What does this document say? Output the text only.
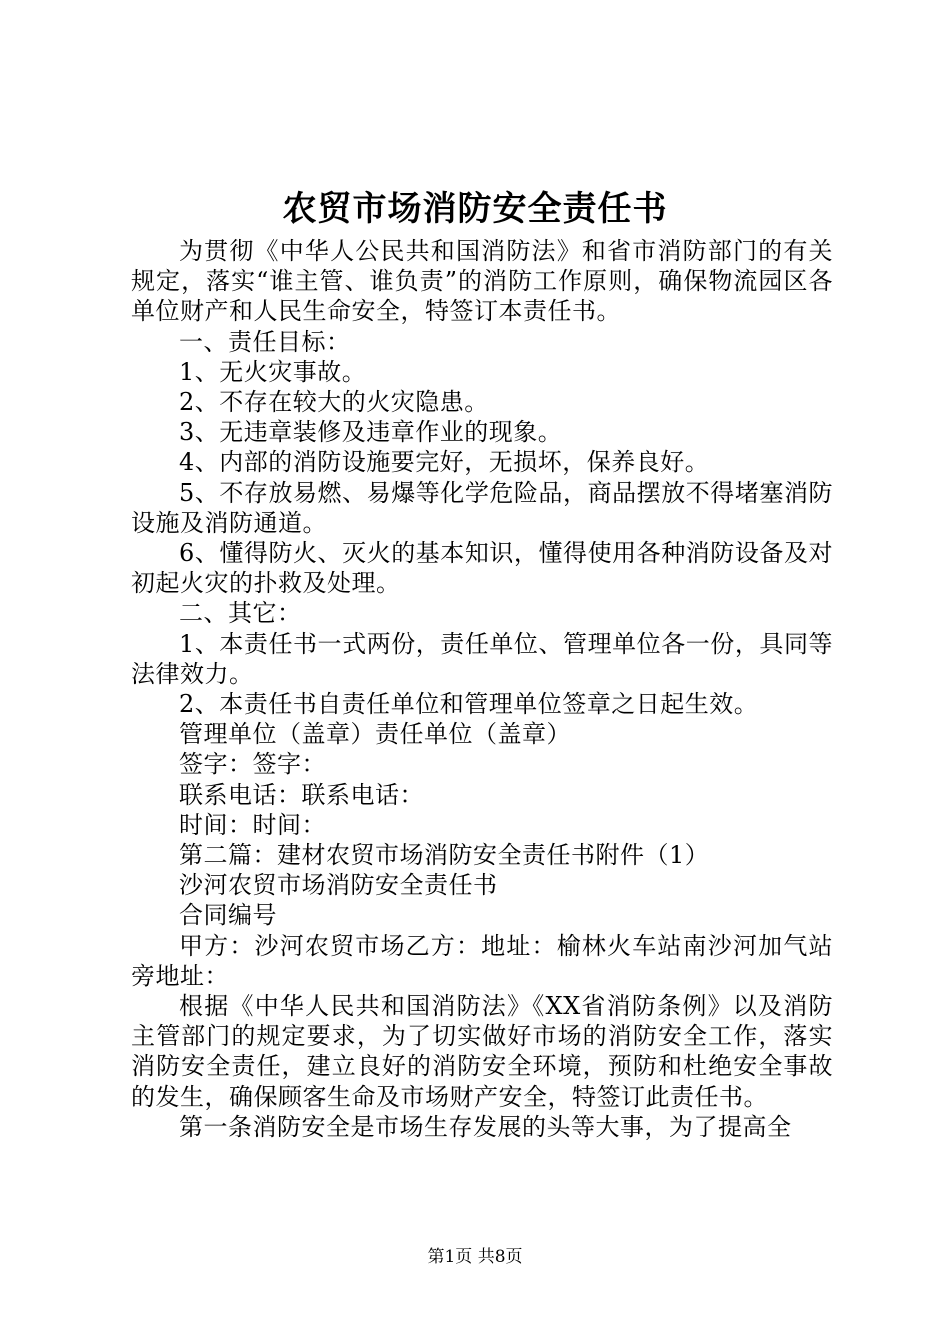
农贸市场消防安全责任书

为贯彻《中华人公民共和国消防法》和省市消防部门的有关规定，落实“谁主管、谁负责”的消防工作原则，确保物流园区各单位财产和人民生命安全，特签订本责任书。

一、责任目标：

1、无火灾事故。

2、不存在较大的火灾隐患。

3、无违章装修及违章作业的现象。

4、内部的消防设施要完好，无损坏，保养良好。

5、不存放易燃、易爆等化学危险品，商品摆放不得堵塞消防设施及消防通道。

6、懂得防火、灭火的基本知识，懂得使用各种消防设备及对初起火灾的扑救及处理。

二、其它：

1、本责任书一式两份，责任单位、管理单位各一份，具同等法律效力。

2、本责任书自责任单位和管理单位签章之日起生效。

管理单位（盖章）责任单位（盖章）

签字：签字：

联系电话：联系电话：

时间：时间：

第二篇：建材农贸市场消防安全责任书附件（1）

沙河农贸市场消防安全责任书

合同编号

甲方：沙河农贸市场乙方：地址：榆林火车站南沙河加气站旁地址：

根据《中华人民共和国消防法》《XX省消防条例》以及消防主管部门的规定要求，为了切实做好市场的消防安全工作，落实消防安全责任，建立良好的消防安全环境，预防和杜绝安全事故的发生，确保顾客生命及市场财产安全，特签订此责任书。

第一条消防安全是市场生存发展的头等大事，为了提高全

第1页 共8页
